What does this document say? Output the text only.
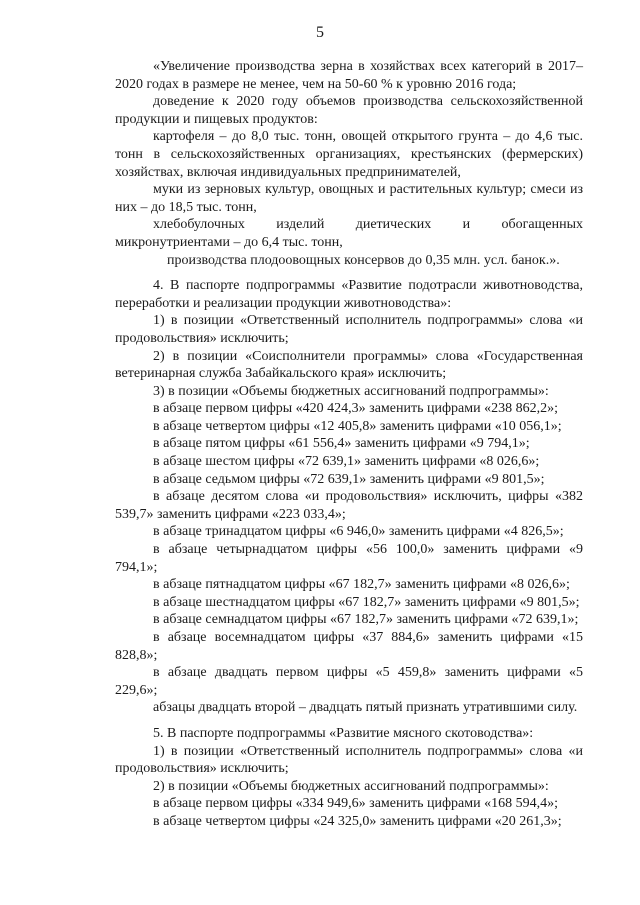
5

«Увеличение производства зерна в хозяйствах всех категорий в 2017–2020 годах в размере не менее, чем на 50-60 % к уровню 2016 года;

доведение к 2020 году объемов производства сельскохозяйственной продукции и пищевых продуктов:

картофеля – до 8,0 тыс. тонн, овощей открытого грунта – до 4,6 тыс. тонн в сельскохозяйственных организациях, крестьянских (фермерских) хозяйствах, включая индивидуальных предпринимателей,

муки из зерновых культур, овощных и растительных культур; смеси из них – до 18,5 тыс. тонн,

хлебобулочных изделий диетических и обогащенных микронутриентами – до 6,4 тыс. тонн,

производства плодоовощных консервов до 0,35 млн. усл. банок.».

4. В паспорте подпрограммы «Развитие подотрасли животноводства, переработки и реализации продукции животноводства»:

1) в позиции «Ответственный исполнитель подпрограммы» слова «и продовольствия» исключить;

2) в позиции «Соисполнители программы» слова «Государственная ветеринарная служба Забайкальского края» исключить;

3) в позиции «Объемы бюджетных ассигнований подпрограммы»:

в абзаце первом цифры «420 424,3» заменить цифрами «238 862,2»;

в абзаце четвертом цифры «12 405,8» заменить цифрами «10 056,1»;

в абзаце пятом цифры «61 556,4» заменить цифрами «9 794,1»;

в абзаце шестом цифры «72 639,1» заменить цифрами «8 026,6»;

в абзаце седьмом цифры «72 639,1» заменить цифрами «9 801,5»;

в абзаце десятом слова «и продовольствия» исключить, цифры «382 539,7» заменить цифрами «223 033,4»;

в абзаце тринадцатом цифры «6 946,0» заменить цифрами «4 826,5»;

в абзаце четырнадцатом цифры «56 100,0» заменить цифрами «9 794,1»;

в абзаце пятнадцатом цифры «67 182,7» заменить цифрами «8 026,6»;

в абзаце шестнадцатом цифры «67 182,7» заменить цифрами «9 801,5»;

в абзаце семнадцатом цифры «67 182,7» заменить цифрами «72 639,1»;

в абзаце восемнадцатом цифры «37 884,6» заменить цифрами «15 828,8»;

в абзаце двадцать первом цифры «5 459,8» заменить цифрами «5 229,6»;

абзацы двадцать второй – двадцать пятый признать утратившими силу.

5. В паспорте подпрограммы «Развитие мясного скотоводства»:

1) в позиции «Ответственный исполнитель подпрограммы» слова «и продовольствия» исключить;

2) в позиции «Объемы бюджетных ассигнований подпрограммы»:

в абзаце первом цифры «334 949,6» заменить цифрами «168 594,4»;

в абзаце четвертом цифры «24 325,0» заменить цифрами «20 261,3»;
